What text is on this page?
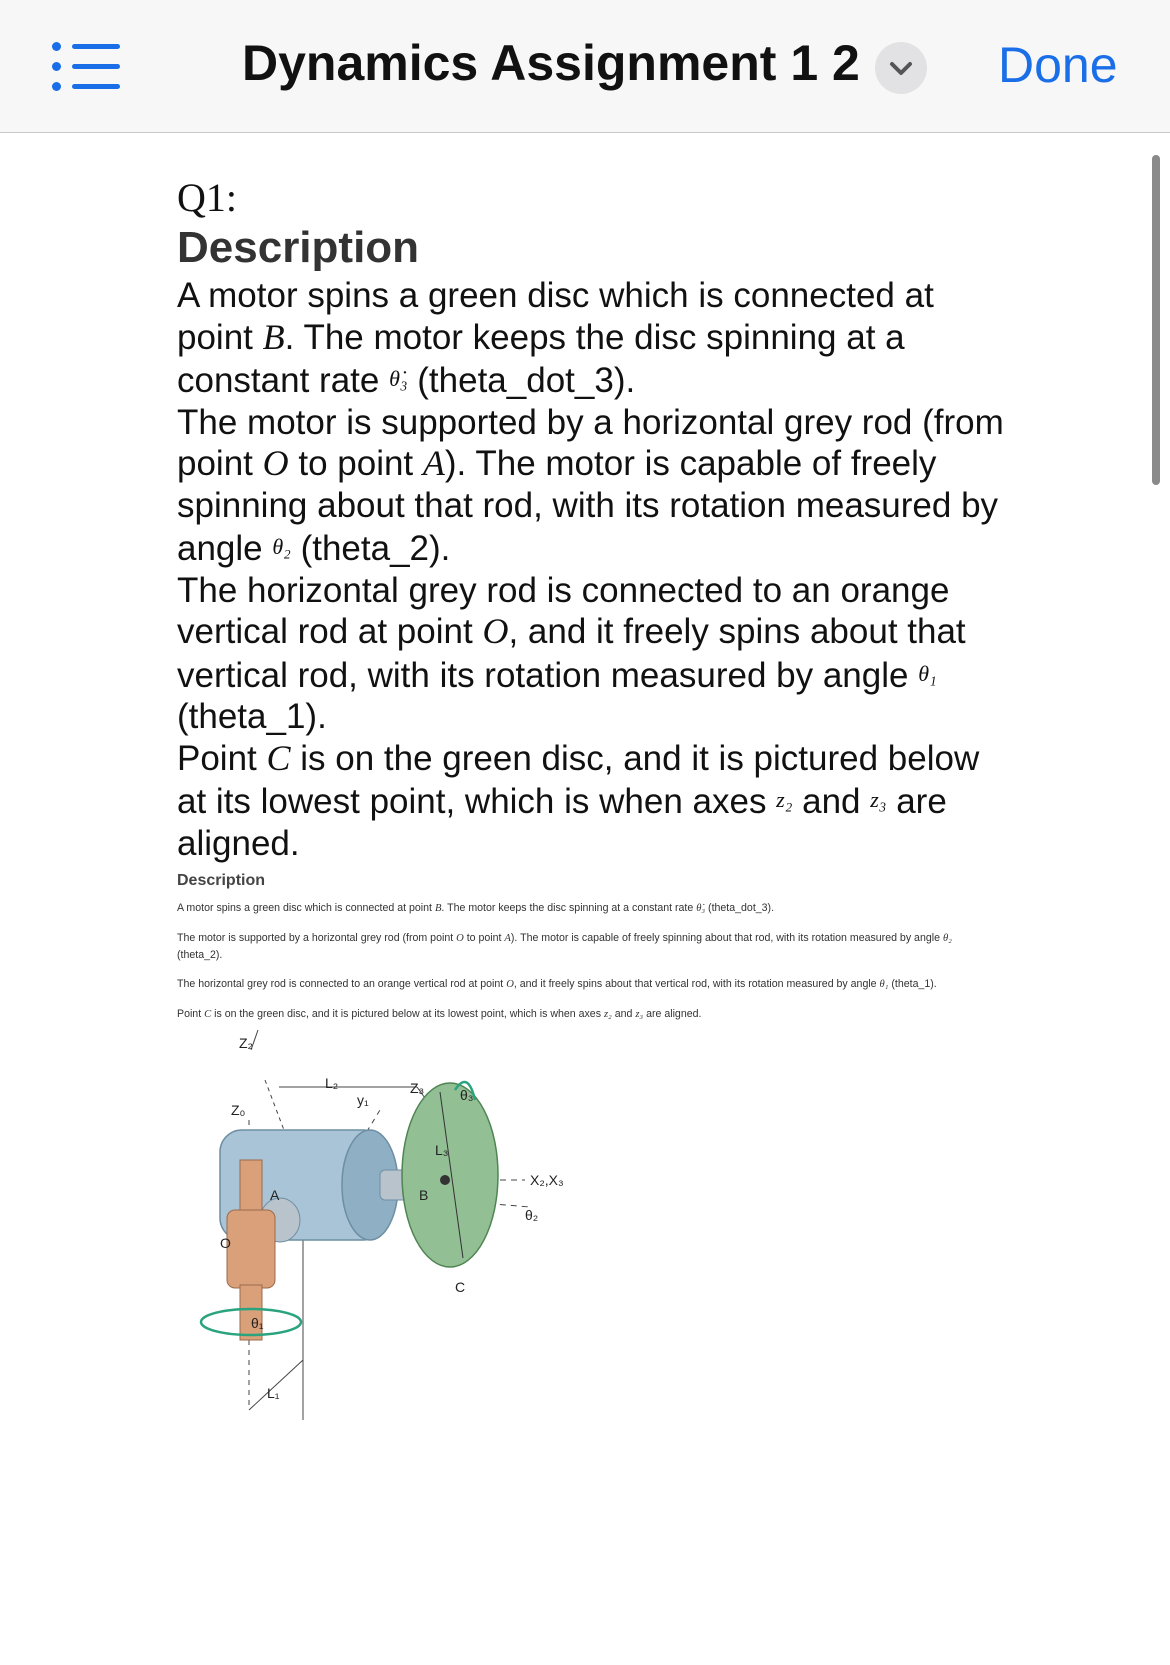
Dynamics Assignment 1 2	Done

Q1:

Description

A motor spins a green disc which is connected at point B. The motor keeps the disc spinning at a constant rate θ̇₃ (theta_dot_3).

The motor is supported by a horizontal grey rod (from point O to point A). The motor is capable of freely spinning about that rod, with its rotation measured by angle θ₂ (theta_2).

The horizontal grey rod is connected to an orange vertical rod at point O, and it freely spins about that vertical rod, with its rotation measured by angle θ₁ (theta_1).

Point C is on the green disc, and it is pictured below at its lowest point, which is when axes z₂ and z₃ are aligned.

Description

A motor spins a green disc which is connected at point B. The motor keeps the disc spinning at a constant rate θ̇₃ (theta_dot_3).

The motor is supported by a horizontal grey rod (from point O to point A). The motor is capable of freely spinning about that rod, with its rotation measured by angle θ₂ (theta_2).

The horizontal grey rod is connected to an orange vertical rod at point O, and it freely spins about that vertical rod, with its rotation measured by angle θ₁ (theta_1).

Point C is on the green disc, and it is pictured below at its lowest point, which is when axes z₂ and z₃ are aligned.

Z₂
Z₀
L₂
y₁
Z₃	θ₃
L₃
X₂,X₃
θ₂
A	B
C
O
θ₁
L₁
